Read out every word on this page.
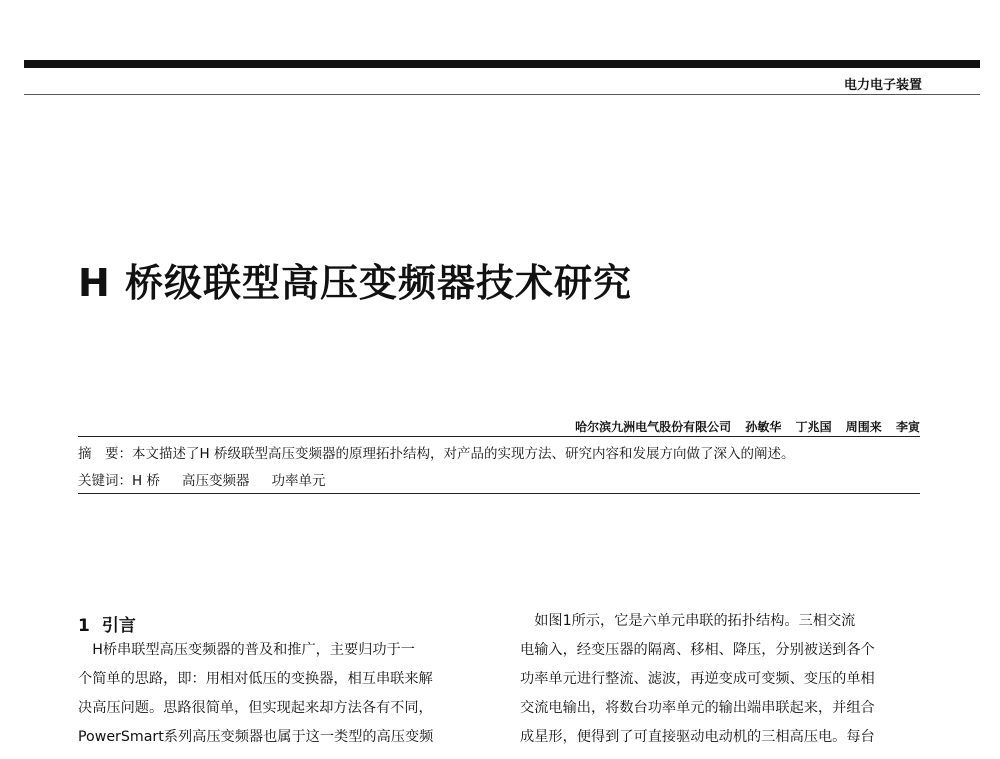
电力电子装置
H 桥级联型高压变频器技术研究
哈尔滨九洲电气股份有限公司 孙敏华 丁兆国 周围来 李寅
摘　要：本文描述了H 桥级联型高压变频器的原理拓扑结构，对产品的实现方法、研究内容和发展方向做了深入的阐述。
关键词：H 桥 高压变频器 功率单元
1 引言

　H桥串联型高压变频器的普及和推广，主要归功于一

个简单的思路，即：用相对低压的变换器，相互串联来解

决高压问题。思路很简单，但实现起来却方法各有不同，

PowerSmart系列高压变频器也属于这一类型的高压变频

　如图1所示，它是六单元串联的拓扑结构。三相交流

电输入，经变压器的隔离、移相、降压，分别被送到各个

功率单元进行整流、滤波，再逆变成可变频、变压的单相

交流电输出，将数台功率单元的输出端串联起来，并组合

成星形，便得到了可直接驱动电动机的三相高压电。每台
